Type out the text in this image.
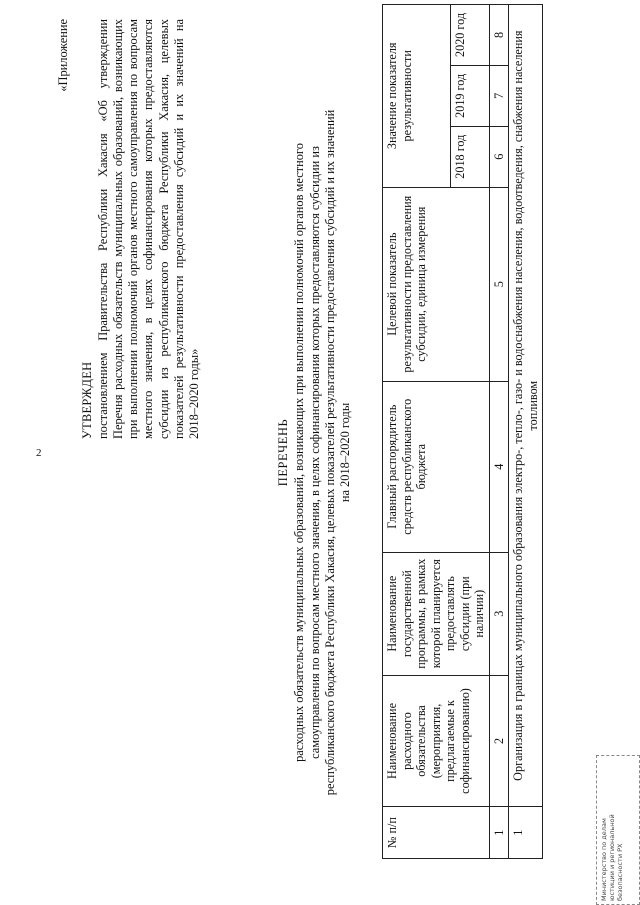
2
«Приложение
УТВЕРЖДЕН постановлением Правительства Республики Хакасия «Об утверждении Перечня расходных обязательств муниципальных образований, возникающих при выполнении полномочий органов местного самоуправления по вопросам местного значения, в целях софинансирования которых предоставляются субсидии из республиканского бюджета Республики Хакасия, целевых показателей результативности предоставления субсидий и их значений на 2018–2020 годы»
ПЕРЕЧЕНЬ расходных обязательств муниципальных образований, возникающих при выполнении полномочий органов местного самоуправления по вопросам местного значения, в целях софинансирования которых предоставляются субсидии из республиканского бюджета Республики Хакасия, целевых показателей результативности предоставления субсидий и их значений на 2018–2020 годы
№ п/п	Наименование расходного обязательства (мероприятия, предлагаемые к софинансированию)	Наименование государственной программы, в рамках которой планируется предоставлять субсидии (при наличии)	Главный распорядитель средств республиканского бюджета	Целевой показатель результативности предоставления субсидии, единица измерения	Значение показателя результативности		
					2018 год	2019 год	2020 год
1	2	3	4	5	6	7	8
1	Организация в границах муниципального образования электро-, тепло-, газо- и водоснабжения населения, водоотведения, снабжения населения топливом						
Министерство по делам юстиции и региональной безопасности РХ
